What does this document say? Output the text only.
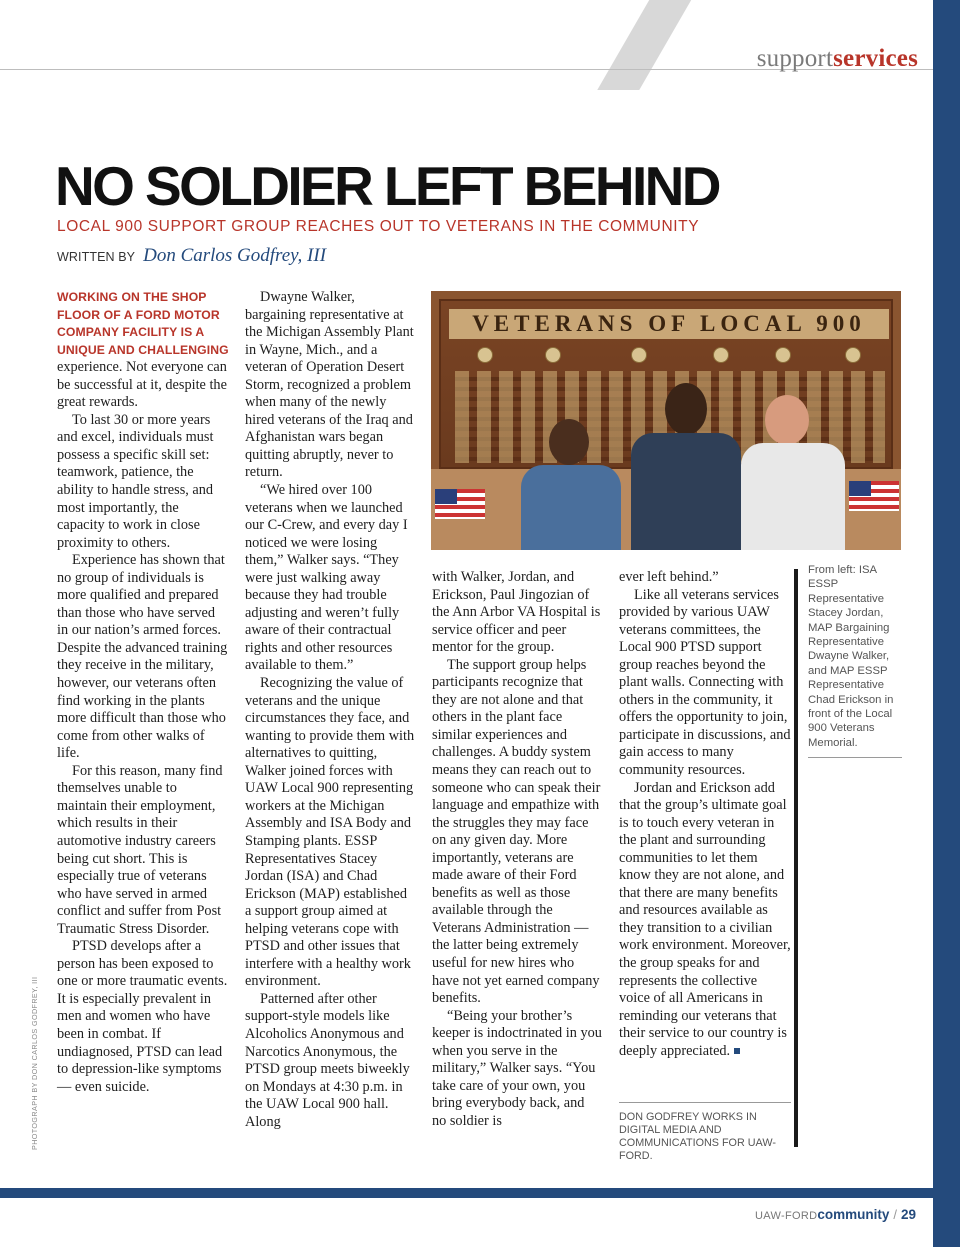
supportservices
NO SOLDIER LEFT BEHIND
LOCAL 900 SUPPORT GROUP REACHES OUT TO VETERANS IN THE COMMUNITY
WRITTEN BY Don Carlos Godfrey, III

WORKING ON THE SHOP FLOOR OF A FORD MOTOR COMPANY FACILITY IS A UNIQUE AND CHALLENGING experience. Not everyone can be successful at it, despite the great rewards.

To last 30 or more years and excel, individuals must possess a specific skill set: teamwork, patience, the ability to handle stress, and most importantly, the capacity to work in close proximity to others.

Experience has shown that no group of individuals is more qualified and prepared than those who have served in our nation’s armed forces. Despite the advanced training they receive in the military, however, our veterans often find working in the plants more difficult than those who come from other walks of life.

For this reason, many find themselves unable to maintain their employment, which results in their automotive industry careers being cut short. This is especially true of veterans who have served in armed conflict and suffer from Post Traumatic Stress Disorder.

PTSD develops after a person has been exposed to one or more traumatic events. It is especially prevalent in men and women who have been in combat. If undiagnosed, PTSD can lead to depression-like symptoms — even suicide.

Dwayne Walker, bargaining representative at the Michigan Assembly Plant in Wayne, Mich., and a veteran of Operation Desert Storm, recognized a problem when many of the newly hired veterans of the Iraq and Afghanistan wars began quitting abruptly, never to return.

“We hired over 100 veterans when we launched our C-Crew, and every day I noticed we were losing them,” Walker says. “They were just walking away because they had trouble adjusting and weren’t fully aware of their contractual rights and other resources available to them.”

Recognizing the value of veterans and the unique circumstances they face, and wanting to provide them with alternatives to quitting, Walker joined forces with UAW Local 900 representing workers at the Michigan Assembly and ISA Body and Stamping plants. ESSP Representatives Stacey Jordan (ISA) and Chad Erickson (MAP) established a support group aimed at helping veterans cope with PTSD and other issues that interfere with a healthy work environment.

Patterned after other support-style models like Alcoholics Anonymous and Narcotics Anonymous, the PTSD group meets biweekly on Mondays at 4:30 p.m. in the UAW Local 900 hall. Along

VETERANS OF LOCAL 900
From left: ISA ESSP Representative Stacey Jordan, MAP Bargaining Representative Dwayne Walker, and MAP ESSP Representative Chad Erickson in front of the Local 900 Veterans Memorial.

with Walker, Jordan, and Erickson, Paul Jingozian of the Ann Arbor VA Hospital is service officer and peer mentor for the group.

The support group helps participants recognize that they are not alone and that others in the plant face similar experiences and challenges. A buddy system means they can reach out to someone who can speak their language and empathize with the struggles they may face on any given day. More importantly, veterans are made aware of their Ford benefits as well as those available through the Veterans Administration — the latter being extremely useful for new hires who have not yet earned company benefits.

“Being your brother’s keeper is indoctrinated in you when you serve in the military,” Walker says. “You take care of your own, you bring everybody back, and no soldier is

ever left behind.”

Like all veterans services provided by various UAW veterans committees, the Local 900 PTSD support group reaches beyond the plant walls. Connecting with others in the community, it offers the opportunity to join, participate in discussions, and gain access to many community resources.

Jordan and Erickson add that the group’s ultimate goal is to touch every veteran in the plant and surrounding communities to let them know they are not alone, and that there are many benefits and resources available as they transition to a civilian work environment. Moreover, the group speaks for and represents the collective voice of all Americans in reminding our veterans that their service to our country is deeply appreciated.

DON GODFREY WORKS IN DIGITAL MEDIA AND COMMUNICATIONS FOR UAW-FORD.
PHOTOGRAPH BY DON CARLOS GODFREY, III
UAW-FORDcommunity / 29
